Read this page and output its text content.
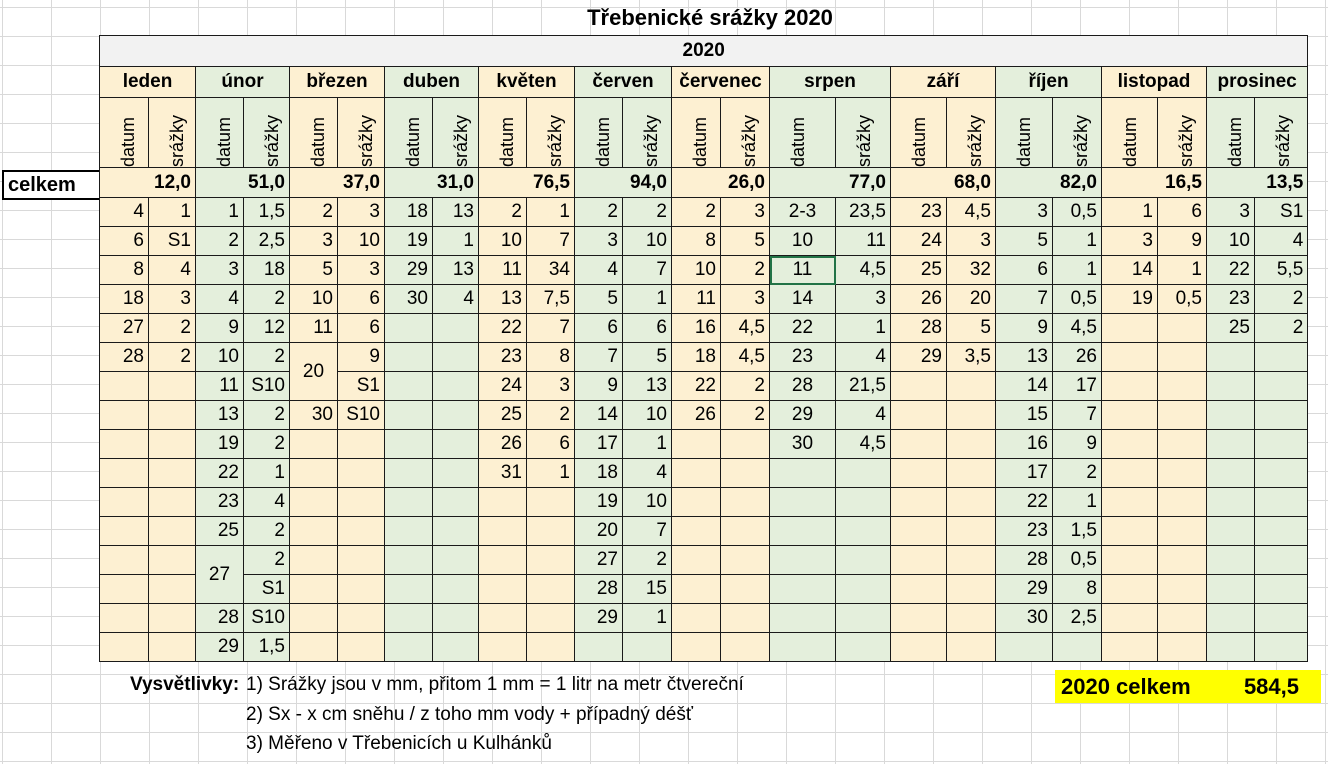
Třebenické srážky 2020
celkem
2020																							
leden		únor		březen		duben		květen		červen		červenec		srpen		září		říjen		listopad		prosinec	

datum	srážky	datum	srážky	datum	srážky	datum	srážky	datum	srážky	datum	srážky	datum	srážky	datum	srážky	datum	srážky	datum	srážky	datum	srážky	datum	srážky

12,0		51,0		37,0		31,0		76,5		94,0		26,0		77,0		68,0		82,0		16,5		13,5	
4	1	1	1,5	2	3	18	13	2	1	2	2	2	3	2-3	23,5	23	4,5	3	0,5	1	6	3	S1
6	S1	2	2,5	3	10	19	1	10	7	3	10	8	5	10	11	24	3	5	1	3	9	10	4
8	4	3	18	5	3	29	13	11	34	4	7	10	2	11	4,5	25	32	6	1	14	1	22	5,5
18	3	4	2	10	6	30	4	13	7,5	5	1	11	3	14	3	26	20	7	0,5	19	0,5	23	2
27	2	9	12	11	6			22	7	6	6	16	4,5	22	1	28	5	9	4,5			25	2
28	2	10	2	20	9			23	8	7	5	18	4,5	23	4	29	3,5	13	26				
		11	S10		S1			24	3	9	13	22	2	28	21,5			14	17				
		13	2	30	S10			25	2	14	10	26	2	29	4			15	7				
		19	2					26	6	17	1			30	4,5			16	9				
		22	1					31	1	18	4							17	2				
		23	4							19	10							22	1				
		25	2							20	7							23	1,5				
		27	2							27	2							28	0,5				
			S1							28	15							29	8				
		28	S10							29	1							30	2,5				
		29	1,5																				
Vysvětlivky: 1) Srážky jsou v mm, přitom 1 mm = 1 litr na metr čtvereční
2) Sx - x cm sněhu / z toho mm vody + případný déšť
3) Měřeno v Třebenicích u Kulhánků
2020 celkem 584,5
